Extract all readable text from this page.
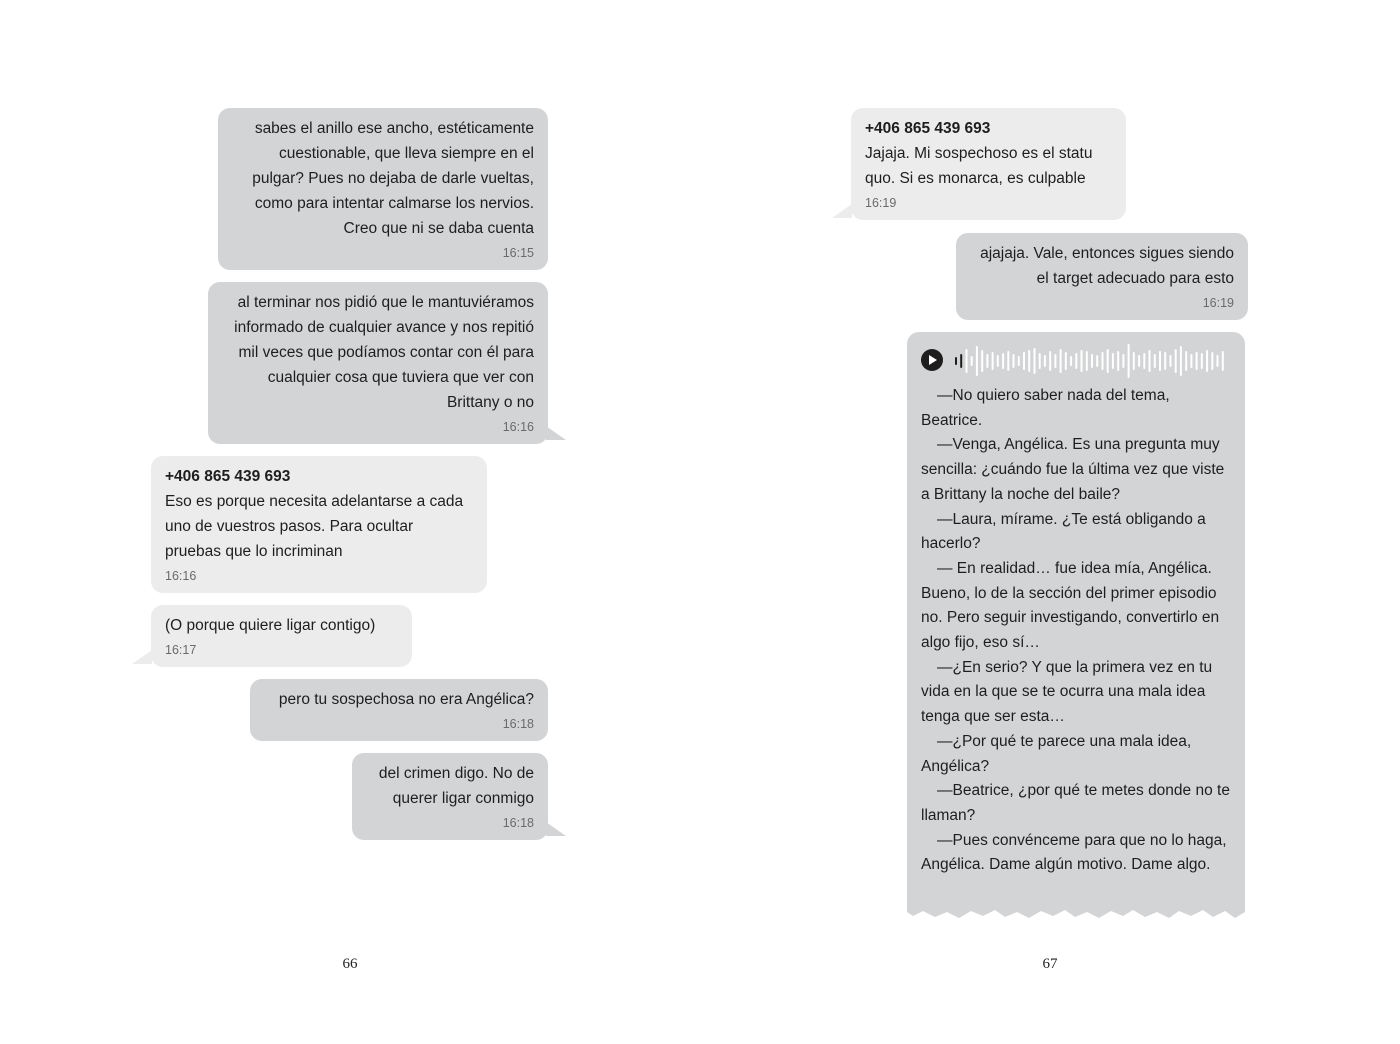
sabes el anillo ese ancho, estéticamente cuestionable, que lleva siempre en el pulgar? Pues no dejaba de darle vueltas, como para intentar calmarse los nervios. Creo que ni se daba cuenta
16:15
al terminar nos pidió que le mantuviéramos informado de cualquier avance y nos repitió mil veces que podíamos contar con él para cualquier cosa que tuviera que ver con Brittany o no
16:16
+406 865 439 693
Eso es porque necesita adelantarse a cada uno de vuestros pasos. Para ocultar pruebas que lo incriminan
16:16
(O porque quiere ligar contigo)
16:17
pero tu sospechosa no era Angélica?
16:18
del crimen digo. No de querer ligar conmigo
16:18
66
+406 865 439 693
Jajaja. Mi sospechoso es el statu quo. Si es monarca, es culpable
16:19
ajajaja. Vale, entonces sigues siendo el target adecuado para esto
16:19

—No quiero saber nada del tema, Beatrice.

—Venga, Angélica. Es una pregunta muy sencilla: ¿cuándo fue la última vez que viste a Brittany la noche del baile?

—Laura, mírame. ¿Te está obligando a hacerlo?

— En realidad… fue idea mía, Angélica. Bueno, lo de la sección del primer episodio no. Pero seguir investigando, convertirlo en algo fijo, eso sí…

—¿En serio? Y que la primera vez en tu vida en la que se te ocurra una mala idea tenga que ser esta…

—¿Por qué te parece una mala idea, Angélica?

—Beatrice, ¿por qué te metes donde no te llaman?

—Pues convénceme para que no lo haga, Angélica. Dame algún motivo. Dame algo.

67
